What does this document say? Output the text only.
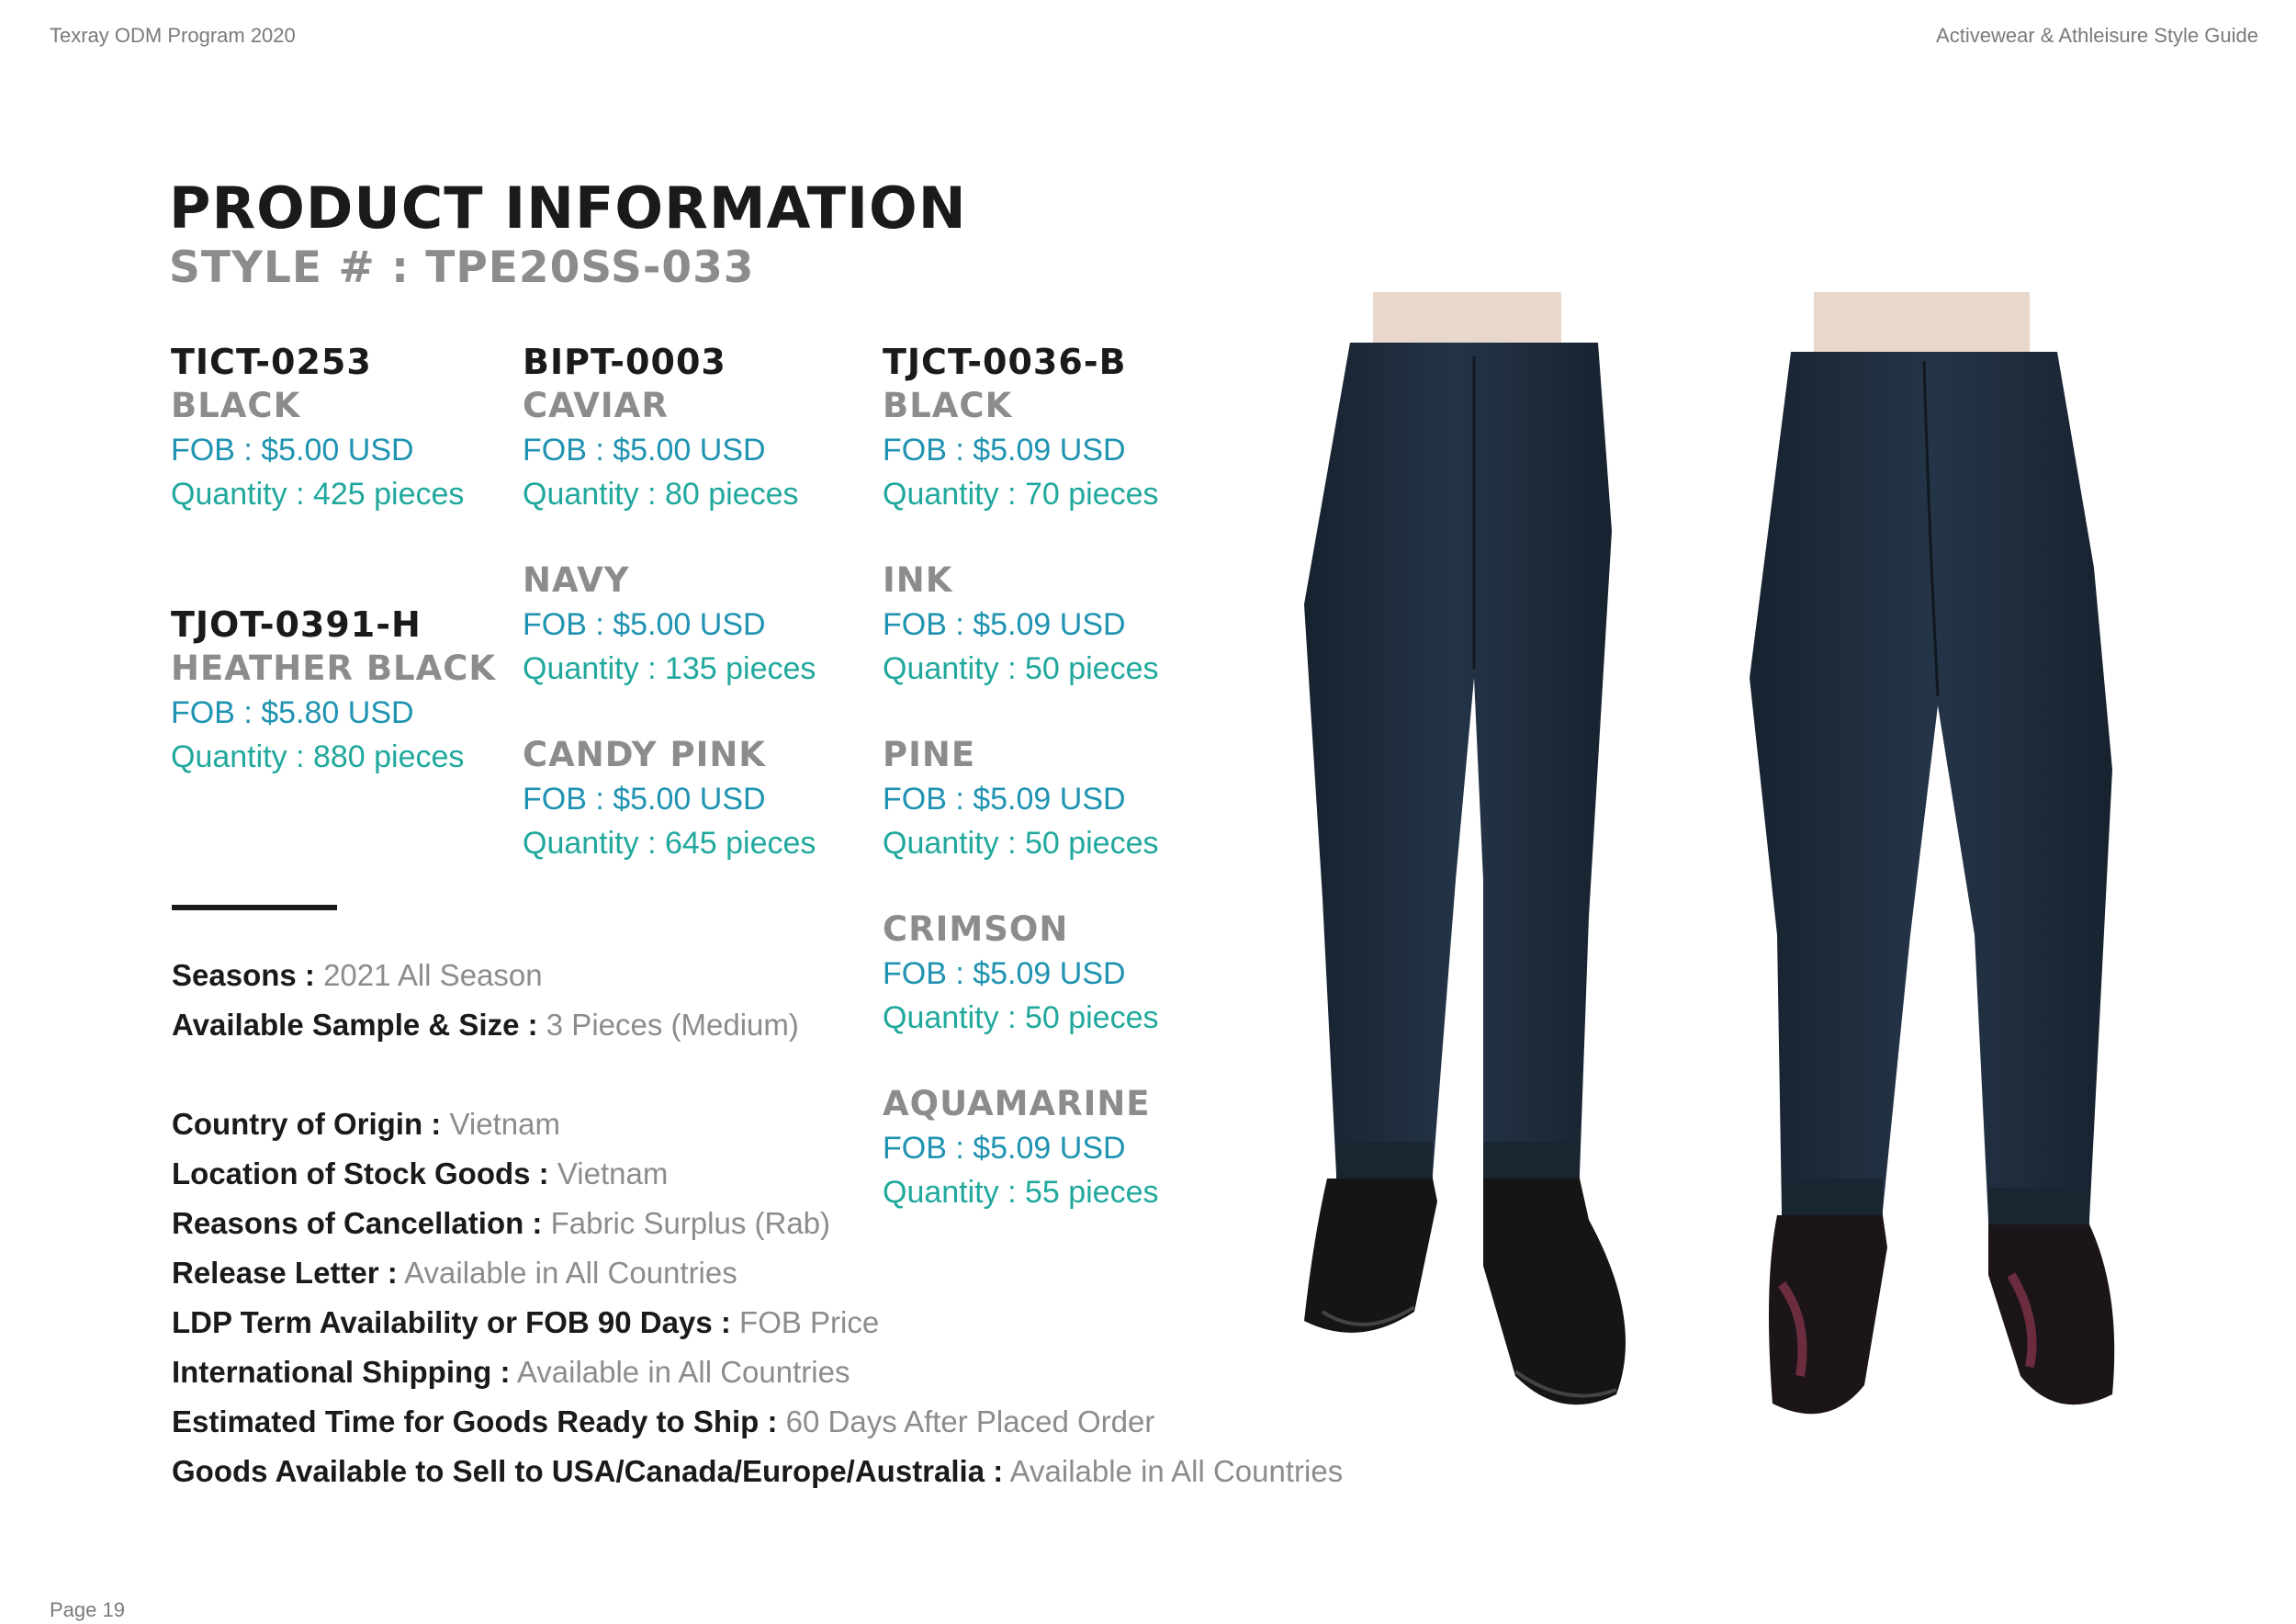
Texray ODM Program 2020	Activewear & Athleisure Style Guide
PRODUCT INFORMATION
STYLE # : TPE20SS-033
TICT-0253
BLACK
FOB : $5.00 USD
Quantity : 425 pieces
TJOT-0391-H
HEATHER BLACK
FOB : $5.80 USD
Quantity : 880 pieces
BIPT-0003
CAVIAR
FOB : $5.00 USD
Quantity : 80 pieces
NAVY
FOB : $5.00 USD
Quantity : 135 pieces
CANDY PINK
FOB : $5.00 USD
Quantity : 645 pieces
TJCT-0036-B
BLACK
FOB : $5.09 USD
Quantity : 70 pieces
INK
FOB : $5.09 USD
Quantity : 50 pieces
PINE
FOB : $5.09 USD
Quantity : 50 pieces
CRIMSON
FOB : $5.09 USD
Quantity : 50 pieces
AQUAMARINE
FOB : $5.09 USD
Quantity : 55 pieces
Seasons : 2021 All Season
Available Sample & Size : 3 Pieces (Medium)
Country of Origin : Vietnam
Location of Stock Goods : Vietnam
Reasons of Cancellation : Fabric Surplus (Rab)
Release Letter : Available in All Countries
LDP Term Availability or FOB 90 Days : FOB Price
International Shipping : Available in All Countries
Estimated Time for Goods Ready to Ship : 60 Days After Placed Order
Goods Available to Sell to USA/Canada/Europe/Australia : Available in All Countries
Page 19
